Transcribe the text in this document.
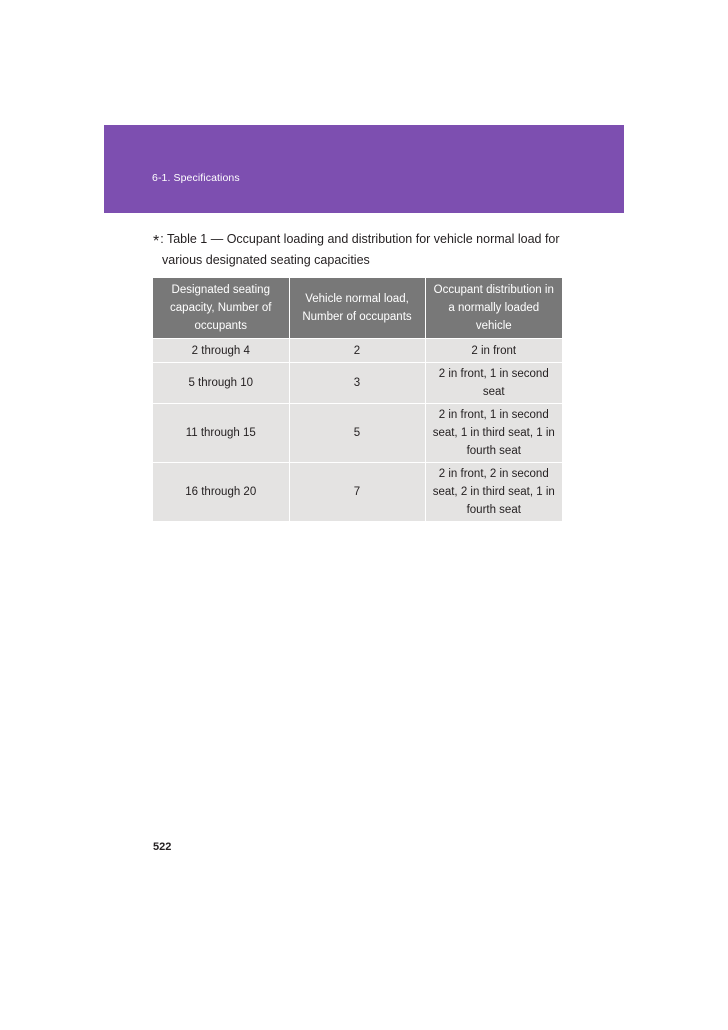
6-1. Specifications
*: Table 1 — Occupant loading and distribution for vehicle normal load for
various designated seating capacities
Designated seating capacity, Number of occupants	Vehicle normal load, Number of occupants	Occupant distribution in a normally loaded vehicle
2 through 4	2	2 in front
5 through 10	3	2 in front, 1 in second seat
11 through 15	5	2 in front, 1 in second seat, 1 in third seat, 1 in fourth seat
16 through 20	7	2 in front, 2 in second seat, 2 in third seat, 1 in fourth seat
522
